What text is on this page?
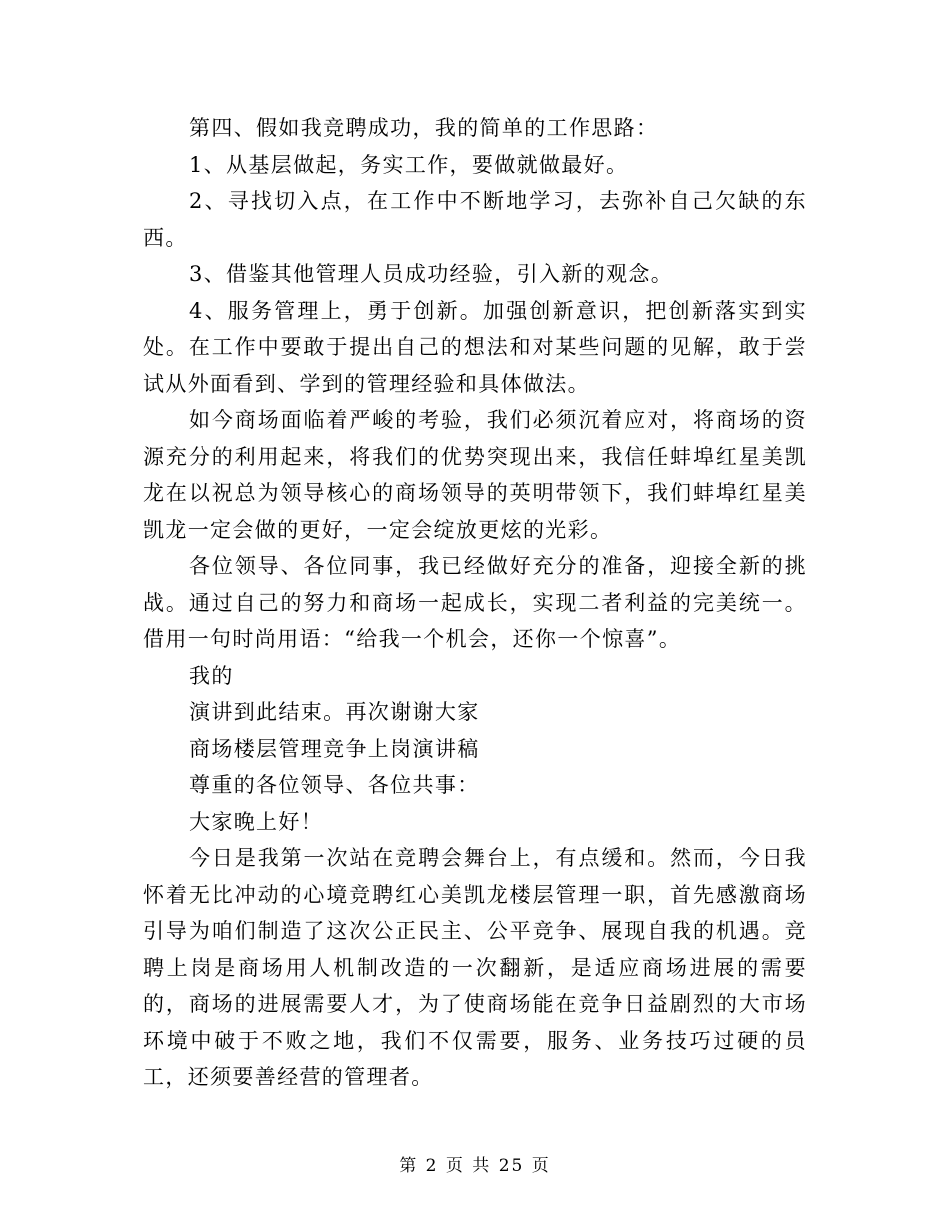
第四、假如我竞聘成功，我的简单的工作思路：

1、从基层做起，务实工作，要做就做最好。

2、寻找切入点，在工作中不断地学习，去弥补自己欠缺的东西。

3、借鉴其他管理人员成功经验，引入新的观念。

4、服务管理上，勇于创新。加强创新意识，把创新落实到实处。在工作中要敢于提出自己的想法和对某些问题的见解，敢于尝试从外面看到、学到的管理经验和具体做法。

如今商场面临着严峻的考验，我们必须沉着应对，将商场的资源充分的利用起来，将我们的优势突现出来，我信任蚌埠红星美凯龙在以祝总为领导核心的商场领导的英明带领下，我们蚌埠红星美凯龙一定会做的更好，一定会绽放更炫的光彩。

各位领导、各位同事，我已经做好充分的准备，迎接全新的挑战。通过自己的努力和商场一起成长，实现二者利益的完美统一。借用一句时尚用语：“给我一个机会，还你一个惊喜”。

我的

演讲到此结束。再次谢谢大家

商场楼层管理竞争上岗演讲稿

尊重的各位领导、各位共事：

大家晚上好！

今日是我第一次站在竞聘会舞台上，有点缓和。然而，今日我怀着无比冲动的心境竞聘红心美凯龙楼层管理一职，首先感激商场引导为咱们制造了这次公正民主、公平竞争、展现自我的机遇。竞聘上岗是商场用人机制改造的一次翻新，是适应商场进展的需要的，商场的进展需要人才，为了使商场能在竞争日益剧烈的大市场环境中破于不败之地，我们不仅需要，服务、业务技巧过硬的员工，还须要善经营的管理者。

第 2 页 共 25 页
